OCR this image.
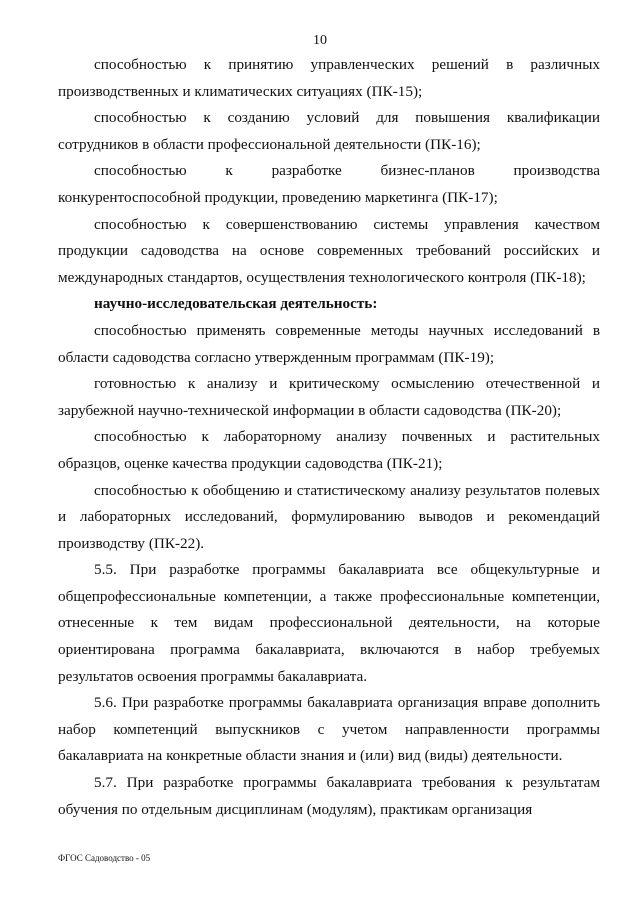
10

способностью к принятию управленческих решений в различных производственных и климатических ситуациях (ПК-15);

способностью к созданию условий для повышения квалификации сотрудников в области профессиональной деятельности (ПК-16);

способностью к разработке бизнес-планов производства конкурентоспособной продукции, проведению маркетинга (ПК-17);

способностью к совершенствованию системы управления качеством продукции садоводства на основе современных требований российских и международных стандартов, осуществления технологического контроля (ПК-18);

научно-исследовательская деятельность:

способностью применять современные методы научных исследований в области садоводства согласно утвержденным программам (ПК-19);

готовностью к анализу и критическому осмыслению отечественной и зарубежной научно-технической информации в области садоводства (ПК-20);

способностью к лабораторному анализу почвенных и растительных образцов, оценке качества продукции садоводства (ПК-21);

способностью к обобщению и статистическому анализу результатов полевых и лабораторных исследований, формулированию выводов и рекомендаций производству (ПК-22).

5.5. При разработке программы бакалавриата все общекультурные и общепрофессиональные компетенции, а также профессиональные компетенции, отнесенные к тем видам профессиональной деятельности, на которые ориентирована программа бакалавриата, включаются в набор требуемых результатов освоения программы бакалавриата.

5.6. При разработке программы бакалавриата организация вправе дополнить набор компетенций выпускников с учетом направленности программы бакалавриата на конкретные области знания и (или) вид (виды) деятельности.

5.7. При разработке программы бакалавриата требования к результатам обучения по отдельным дисциплинам (модулям), практикам организация

ФГОС Садоводство - 05
